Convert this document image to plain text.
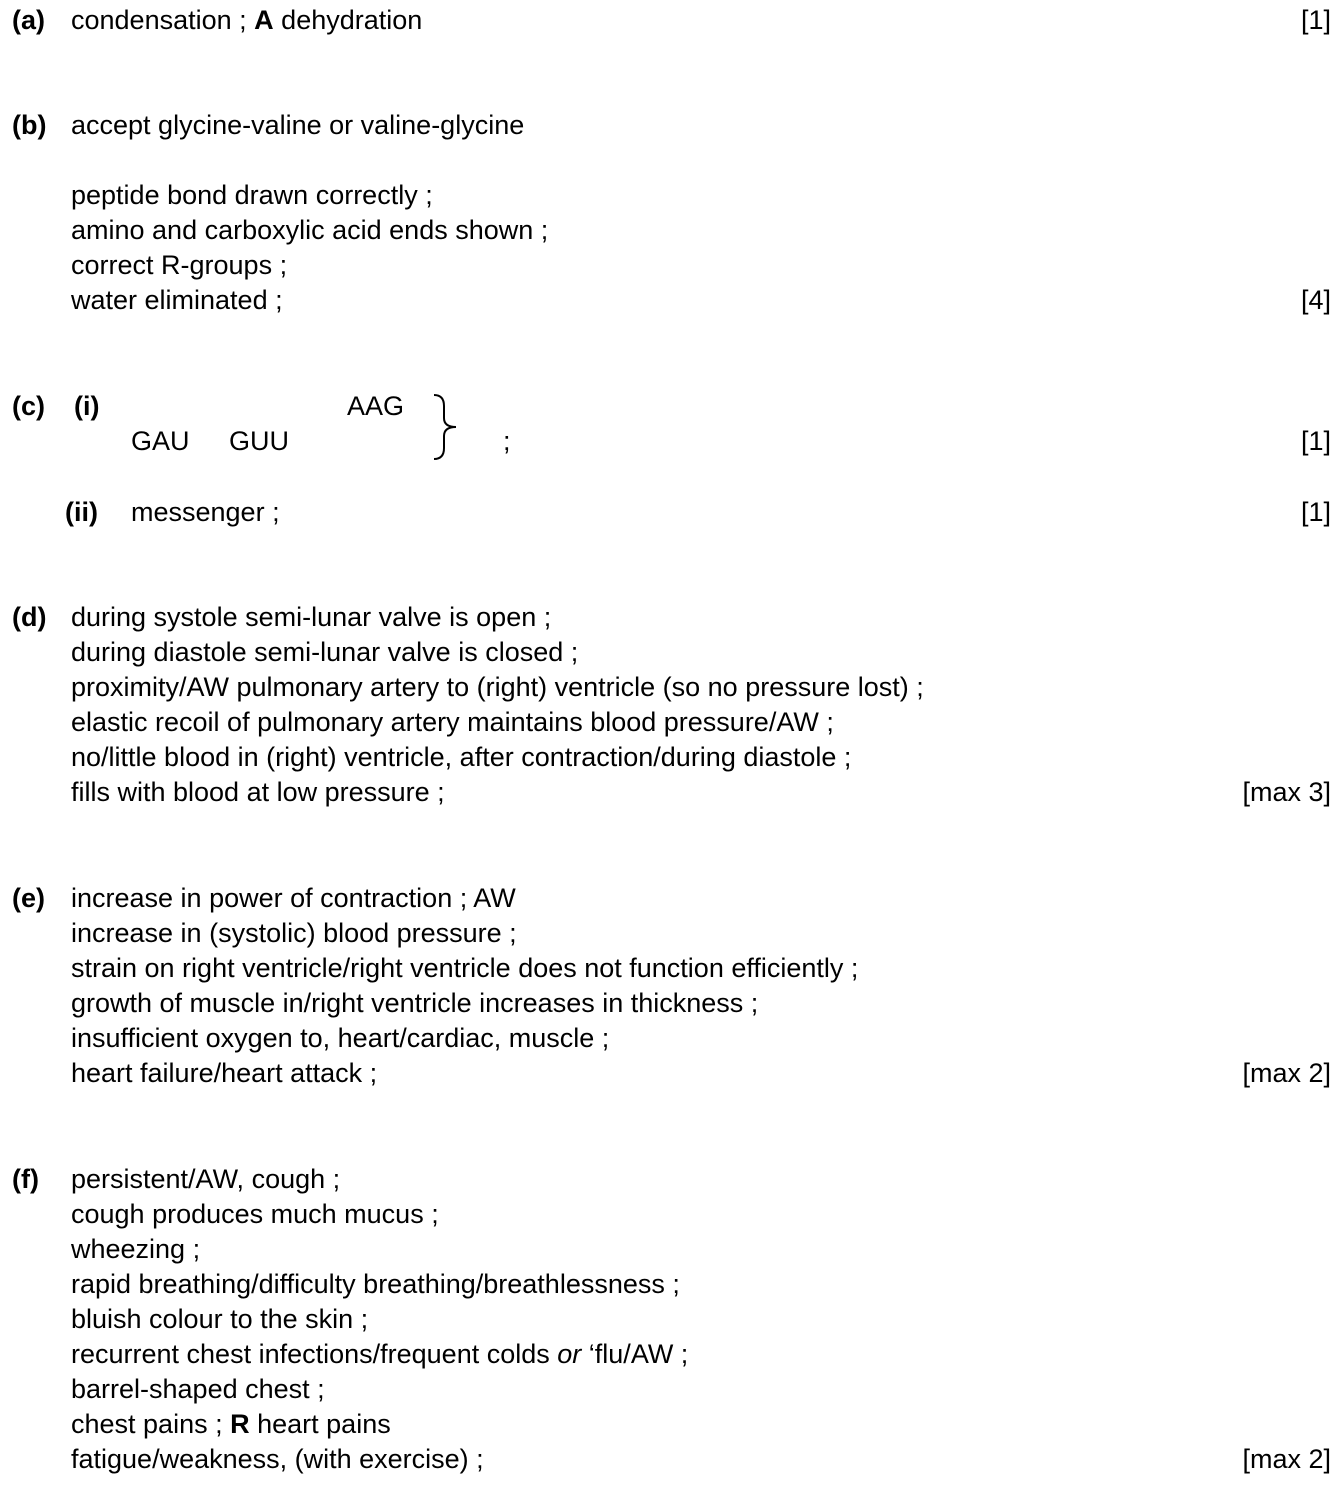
(a) condensation ; A dehydration	[1]
(b) accept glycine-valine or valine-glycine
peptide bond drawn correctly ;
amino and carboxylic acid ends shown ;
correct R-groups ;
water eliminated ;	[4]
(c) (i)	AAG
GAU GUU	;	[1]
(ii) messenger ;	[1]
(d) during systole semi-lunar valve is open ;
during diastole semi-lunar valve is closed ;
proximity/AW pulmonary artery to (right) ventricle (so no pressure lost) ;
elastic recoil of pulmonary artery maintains blood pressure/AW ;
no/little blood in (right) ventricle, after contraction/during diastole ;
fills with blood at low pressure ;	[max 3]
(e) increase in power of contraction ; AW
increase in (systolic) blood pressure ;
strain on right ventricle/right ventricle does not function efficiently ;
growth of muscle in/right ventricle increases in thickness ;
insufficient oxygen to, heart/cardiac, muscle ;
heart failure/heart attack ;	[max 2]
(f) persistent/AW, cough ;
cough produces much mucus ;
wheezing ;
rapid breathing/difficulty breathing/breathlessness ;
bluish colour to the skin ;
recurrent chest infections/frequent colds or ‘flu/AW ;
barrel-shaped chest ;
chest pains ; R heart pains
fatigue/weakness, (with exercise) ;	[max 2]
